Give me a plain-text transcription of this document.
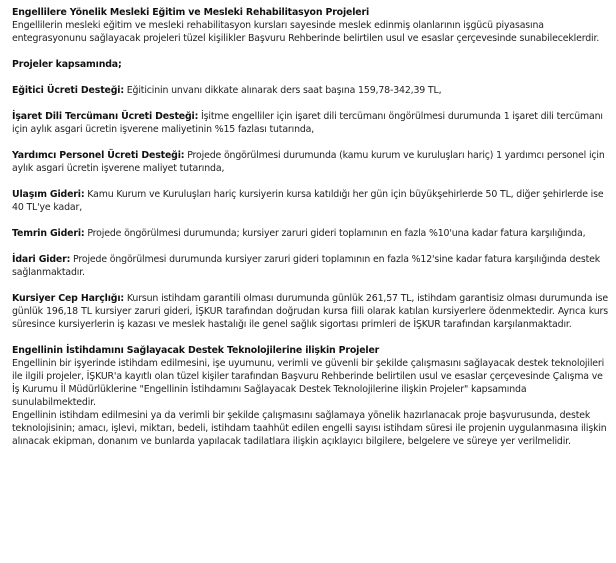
Engellilere Yönelik Mesleki Eğitim ve Mesleki Rehabilitasyon Projeleri

Engellilerin mesleki eğitim ve mesleki rehabilitasyon kursları sayesinde meslek edinmiş olanlarının işgücü piyasasına entegrasyonunu sağlayacak projeleri tüzel kişilikler Başvuru Rehberinde belirtilen usul ve esaslar çerçevesinde sunabileceklerdir.

Projeler kapsamında;

Eğitici Ücreti Desteği: Eğiticinin unvanı dikkate alınarak ders saat başına 159,78-342,39 TL,

İşaret Dili Tercümanı Ücreti Desteği: İşitme engelliler için işaret dili tercümanı öngörülmesi durumunda 1 işaret dili tercümanı için aylık asgari ücretin işverene maliyetinin %15 fazlası tutarında,

Yardımcı Personel Ücreti Desteği: Projede öngörülmesi durumunda (kamu kurum ve kuruluşları hariç) 1 yardımcı personel için aylık asgari ücretin işverene maliyet tutarında,

Ulaşım Gideri: Kamu Kurum ve Kuruluşları hariç kursiyerin kursa katıldığı her gün için büyükşehirlerde 50 TL, diğer şehirlerde ise 40 TL'ye kadar,

Temrin Gideri: Projede öngörülmesi durumunda; kursiyer zaruri gideri toplamının en fazla %10'una kadar fatura karşılığında,

İdari Gider: Projede öngörülmesi durumunda kursiyer zaruri gideri toplamının en fazla %12'sine kadar fatura karşılığında destek sağlanmaktadır.

Kursiyer Cep Harçlığı: Kursun istihdam garantili olması durumunda günlük 261,57 TL, istihdam garantisiz olması durumunda ise günlük 196,18 TL kursiyer zaruri gideri, İŞKUR tarafından doğrudan kursa fiili olarak katılan kursiyerlere ödenmektedir. Ayrıca kurs süresince kursiyerlerin iş kazası ve meslek hastalığı ile genel sağlık sigortası primleri de İŞKUR tarafından karşılanmaktadır.

Engellinin İstihdamını Sağlayacak Destek Teknolojilerine ilişkin Projeler

Engellinin bir işyerinde istihdam edilmesini, işe uyumunu, verimli ve güvenli bir şekilde çalışmasını sağlayacak destek teknolojileri ile ilgili projeler, İŞKUR'a kayıtlı olan tüzel kişiler tarafından Başvuru Rehberinde belirtilen usul ve esaslar çerçevesinde Çalışma ve İş Kurumu İl Müdürlüklerine "Engellinin İstihdamını Sağlayacak Destek Teknolojilerine ilişkin Projeler" kapsamında sunulabilmektedir.

Engellinin istihdam edilmesini ya da verimli bir şekilde çalışmasını sağlamaya yönelik hazırlanacak proje başvurusunda, destek teknolojisinin; amacı, işlevi, miktarı, bedeli, istihdam taahhüt edilen engelli sayısı istihdam süresi ile projenin uygulanmasına ilişkin alınacak ekipman, donanım ve bunlarda yapılacak tadilatlara ilişkin açıklayıcı bilgilere, belgelere ve süreye yer verilmelidir.
